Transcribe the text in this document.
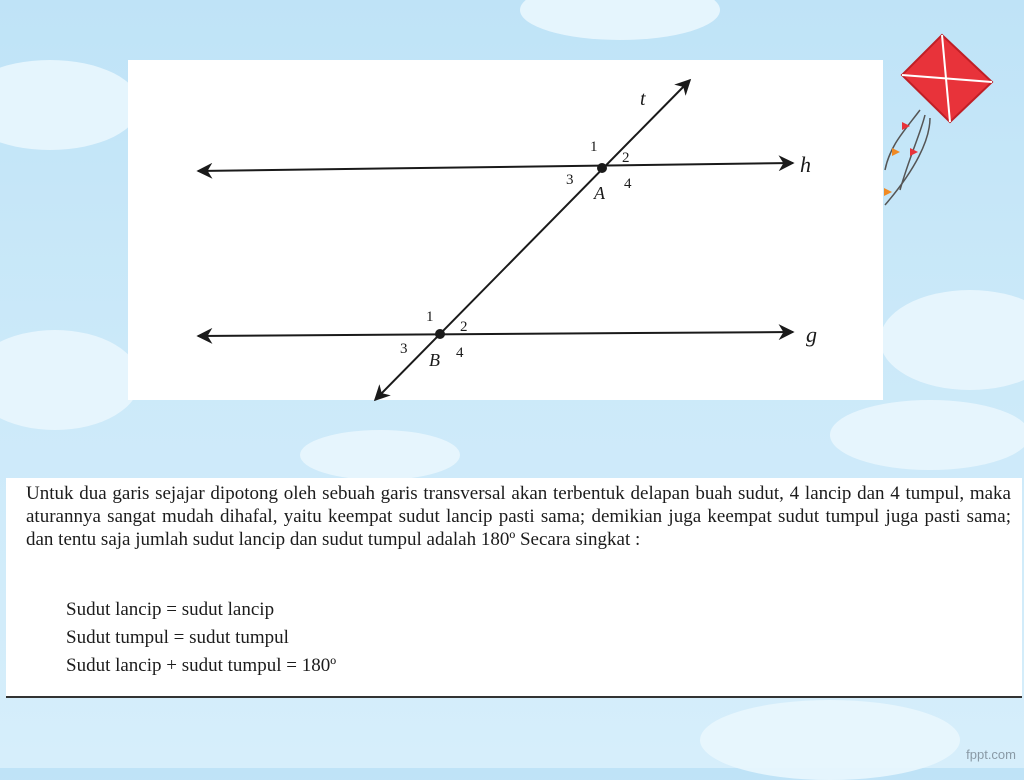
t
h
g
A
B
1
2
3	4
1
2
3	4
Untuk dua garis sejajar dipotong oleh sebuah garis transversal akan terbentuk delapan buah sudut, 4 lancip dan 4 tumpul, maka aturannya sangat mudah dihafal, yaitu keempat sudut lancip pasti sama; demikian juga keempat sudut tumpul juga pasti sama; dan tentu saja jumlah sudut lancip dan sudut tumpul adalah 180º Secara singkat :
Sudut lancip = sudut lancip
Sudut tumpul = sudut tumpul
Sudut lancip + sudut tumpul = 180º
fppt.com
